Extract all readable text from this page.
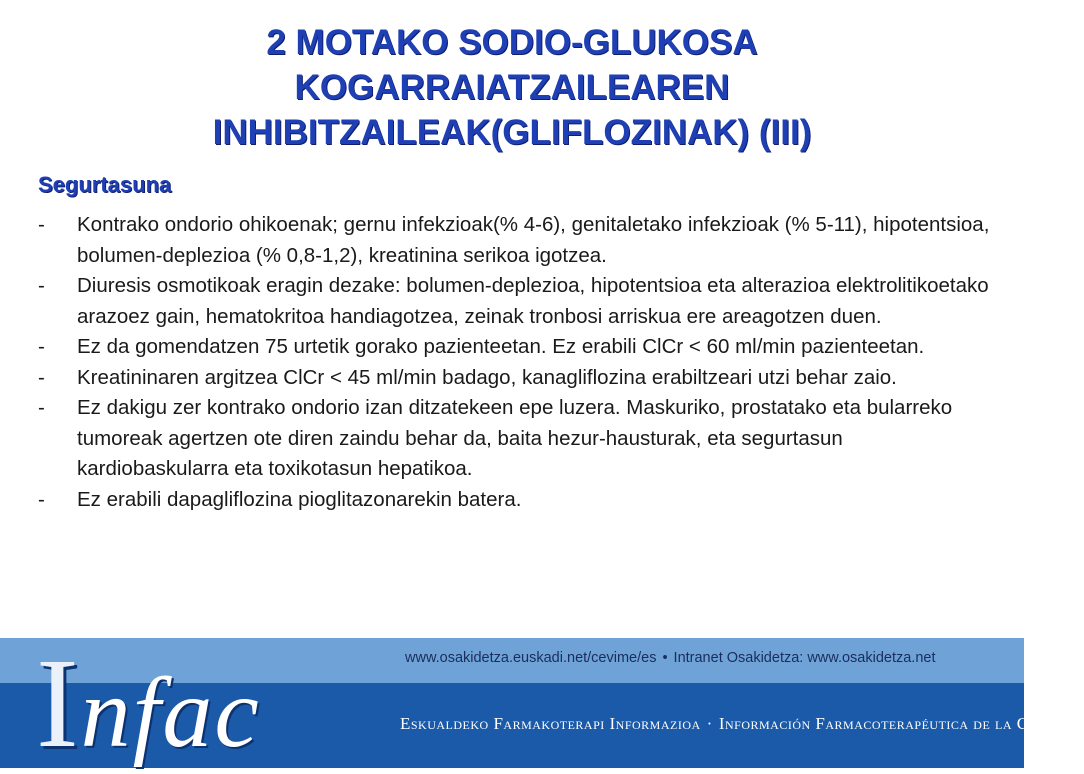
2 MOTAKO SODIO-GLUKOSA
KOGARRAIATZAILEAREN
INHIBITZAILEAK(GLIFLOZINAK) (III)
Segurtasuna
- Kontrako ondorio ohikoenak; gernu infekzioak(% 4-6), genitaletako infekzioak (% 5-11), hipotentsioa, bolumen-deplezioa (% 0,8-1,2), kreatinina serikoa igotzea.
- Diuresis osmotikoak eragin dezake: bolumen-deplezioa, hipotentsioa eta alterazioa elektrolitikoetako arazoez gain, hematokritoa handiagotzea, zeinak tronbosi arriskua ere areagotzen duen.
- Ez da gomendatzen 75 urtetik gorako pazienteetan. Ez erabili ClCr < 60 ml/min pazienteetan.
- Kreatininaren argitzea ClCr < 45 ml/min badago, kanagliflozina erabiltzeari utzi behar zaio.
- Ez dakigu zer kontrako ondorio izan ditzatekeen epe luzera. Maskuriko, prostatako eta bularreko tumoreak agertzen ote diren zaindu behar da, baita hezur-hausturak, eta segurtasun kardiobaskularra eta toxikotasun hepatikoa.
- Ez erabili dapagliflozina pioglitazonarekin batera.
Infac	www.osakidetza.euskadi.net/cevime/es • Intranet Osakidetza: www.osakidetza.net
Eskualdeko Farmakoterapi Informazioa · Información Farmacoterapéutica de la Comarca
